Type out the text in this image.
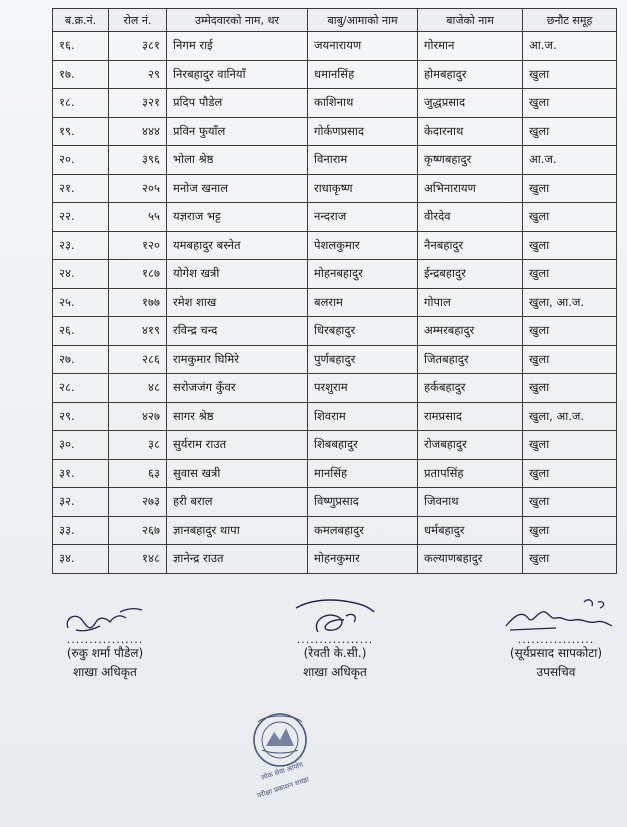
ब.क्र.नं.	रोल नं.	उम्मेदवारको नाम, थर	बाबु/आमाको नाम	बाजेको नाम	छनौट समूह
१६.	३८१	निगम राई	जयनारायण	गोरमान	आ.ज.
१७.	२९	निरबहादुर वानियाँ	धमानसिंह	होमबहादुर	खुला
१८.	३२१	प्रदिप पौडेल	काशिनाथ	जुद्धप्रसाद	खुला
१९.	४४४	प्रविन फुयाँल	गोर्कणप्रसाद	केदारनाथ	खुला
२०.	३९६	भोला श्रेष्ठ	विनाराम	कृष्णबहादुर	आ.ज.
२१.	२०५	मनोज खनाल	राधाकृष्ण	अभिनारायण	खुला
२२.	५५	यज्ञराज भट्ट	नन्दराज	वीरदेव	खुला
२३.	१२०	यमबहादुर बस्नेत	पेशलकुमार	नैनबहादुर	खुला
२४.	१८७	योगेश खत्री	मोहनबहादुर	ईन्द्रबहादुर	खुला
२५.	१७७	रमेश शाख	बलराम	गोपाल	खुला, आ.ज.
२६.	४१९	रविन्द्र चन्द	धिरबहादुर	अम्मरबहादुर	खुला
२७.	२८६	रामकुमार घिमिरे	पुर्णबहादुर	जितबहादुर	खुला
२८.	४८	सरोजजंग कुँवर	परशुराम	हर्कबहादुर	खुला
२९.	४२७	सागर श्रेष्ठ	शिवराम	रामप्रसाद	खुला, आ.ज.
३०.	३८	सुर्यराम राउत	शिबबहादुर	रोजबहादुर	खुला
३१.	६३	सुवास खत्री	मानसिंह	प्रतापसिंह	खुला
३२.	२७३	हरी बराल	विष्णुप्रसाद	जिवनाथ	खुला
३३.	२६७	ज्ञानबहादुर थापा	कमलबहादुर	धर्मबहादुर	खुला
३४.	१४८	ज्ञानेन्द्र राउत	मोहनकुमार	कल्याणबहादुर	खुला
.................
(रुकु शर्मा पौडेल)
शाखा अधिकृत
.................
(रेवती के.सी.)
शाखा अधिकृत
.................
(सूर्यप्रसाद सापकोटा)
उपसचिव
लोक सेवा आयोग
परीक्षा प्रकाशन शाखा
